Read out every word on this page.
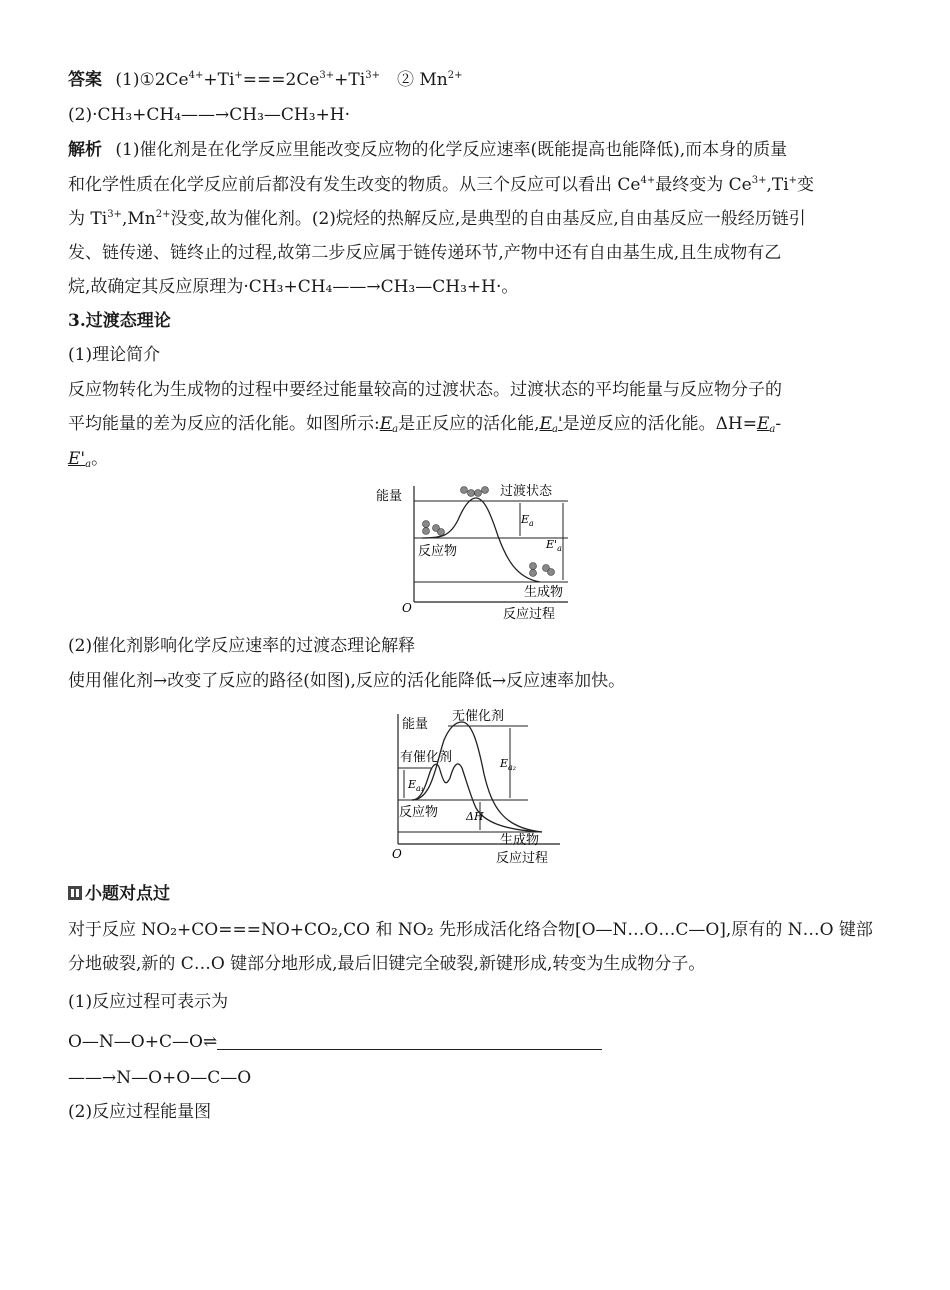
答案 $(1)①2Ce^{4+}+Ti^+===2Ce^{3+}+Ti^{3+}$　② $Mn^{2+}$
(2)·CH₃+CH₄——→CH₃—CH₃+H·
解析 (1)催化剂是在化学反应里能改变反应物的化学反应速率(既能提高也能降低),而本身的质量
和化学性质在化学反应前后都没有发生改变的物质。从三个反应可以看出 $Ce^{4+}$最终变为 $Ce^{3+},Ti^+$变
为 $Ti^{3+},Mn^{2+}$没变,故为催化剂。(2)烷烃的热解反应,是典型的自由基反应,自由基反应一般经历链引
发、链传递、链终止的过程,故第二步反应属于链传递环节,产物中还有自由基生成,且生成物有乙
烷,故确定其反应原理为·CH₃+CH₄——→CH₃—CH₃+H·。
3.过渡态理论
(1)理论简介
反应物转化为生成物的过程中要经过能量较高的过渡状态。过渡状态的平均能量与反应物分子的
平均能量的差为反应的活化能。如图所示$:E_a$是正反应的活化能$,E_a'$是逆反应的活化能。$\Delta H=E_a-$
$E'_a$。
能量
O	反应过程
过渡状态
反应物
生成物
$E_a$
$E'_a$
(2)催化剂影响化学反应速率的过渡态理论解释
使用催化剂→改变了反应的路径(如图),反应的活化能降低→反应速率加快。
能量
O	反应过程
无催化剂
有催化剂
反应物
生成物
$E_{a_1}$
$E_{a_2}$
ΔH
小题对点过
对于反应 NO₂+CO===NO+CO₂,CO 和 NO₂ 先形成活化络合物[O—N…O…C—O],原有的 N…O 键部
分地破裂,新的 C…O 键部分地形成,最后旧键完全破裂,新键形成,转变为生成物分子。
(1)反应过程可表示为
O—N—O+C—O⇌
——→N—O+O—C—O
(2)反应过程能量图
